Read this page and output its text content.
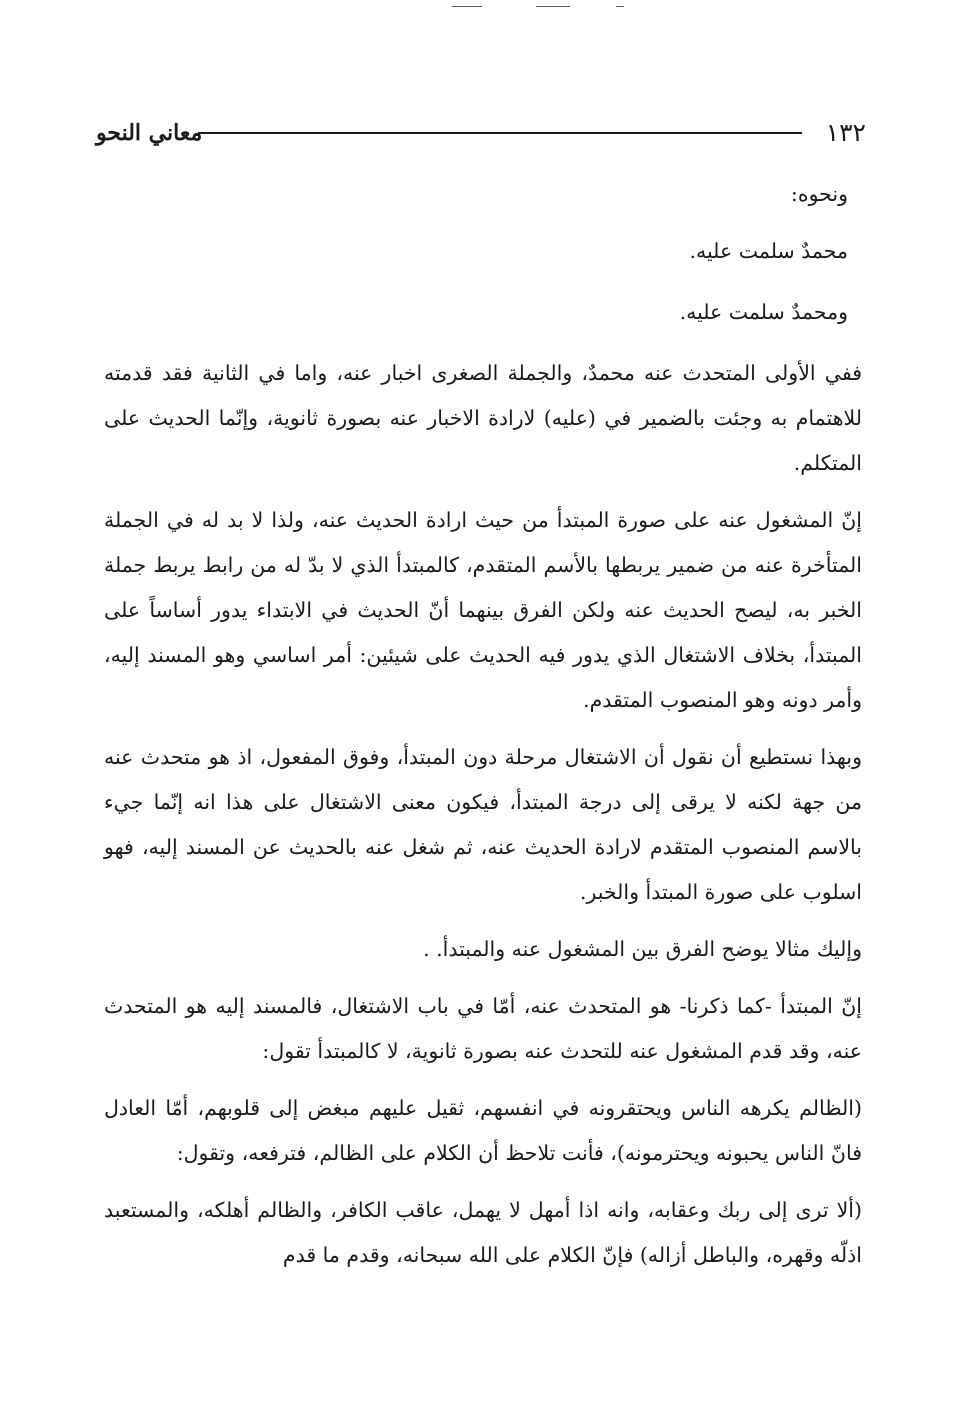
١٣٢
معاني النحو

ونحوه:

محمدٌ سلمت عليه.

ومحمدٌ سلمت عليه.

ففي الأولى المتحدث عنه محمدٌ، والجملة الصغرى اخبار عنه، واما في الثانية فقد قدمته للاهتمام به وجئت بالضمير في (عليه) لارادة الاخبار عنه بصورة ثانوية، وإنّما الحديث على المتكلم.

إنّ المشغول عنه على صورة المبتدأ من حيث ارادة الحديث عنه، ولذا لا بد له في الجملة المتأخرة عنه من ضمير يربطها بالأسم المتقدم، كالمبتدأ الذي لا بدّ له من رابط يربط جملة الخبر به، ليصح الحديث عنه ولكن الفرق بينهما أنّ الحديث في الابتداء يدور أساساً على المبتدأ، بخلاف الاشتغال الذي يدور فيه الحديث على شيئين: أمر اساسي وهو المسند إليه، وأمر دونه وهو المنصوب المتقدم.

وبهذا نستطيع أن نقول أن الاشتغال مرحلة دون المبتدأ، وفوق المفعول، اذ هو متحدث عنه من جهة لكنه لا يرقى إلى درجة المبتدأ، فيكون معنى الاشتغال على هذا انه إنّما جيء بالاسم المنصوب المتقدم لارادة الحديث عنه، ثم شغل عنه بالحديث عن المسند إليه، فهو اسلوب على صورة المبتدأ والخبر.

وإليك مثالا يوضح الفرق بين المشغول عنه والمبتدأ. .

إنّ المبتدأ -كما ذكرنا- هو المتحدث عنه، أمّا في باب الاشتغال، فالمسند إليه هو المتحدث عنه، وقد قدم المشغول عنه للتحدث عنه بصورة ثانوية، لا كالمبتدأ تقول:

(الظالم يكرهه الناس ويحتقرونه في انفسهم، ثقيل عليهم مبغض إلى قلوبهم، أمّا العادل فانّ الناس يحبونه ويحترمونه)، فأنت تلاحظ أن الكلام على الظالم، فترفعه، وتقول:

(ألا ترى إلى ربك وعقابه، وانه اذا أمهل لا يهمل، عاقب الكافر، والظالم أهلكه، والمستعبد اذلّه وقهره، والباطل أزاله) فإنّ الكلام على الله سبحانه، وقدم ما قدم
